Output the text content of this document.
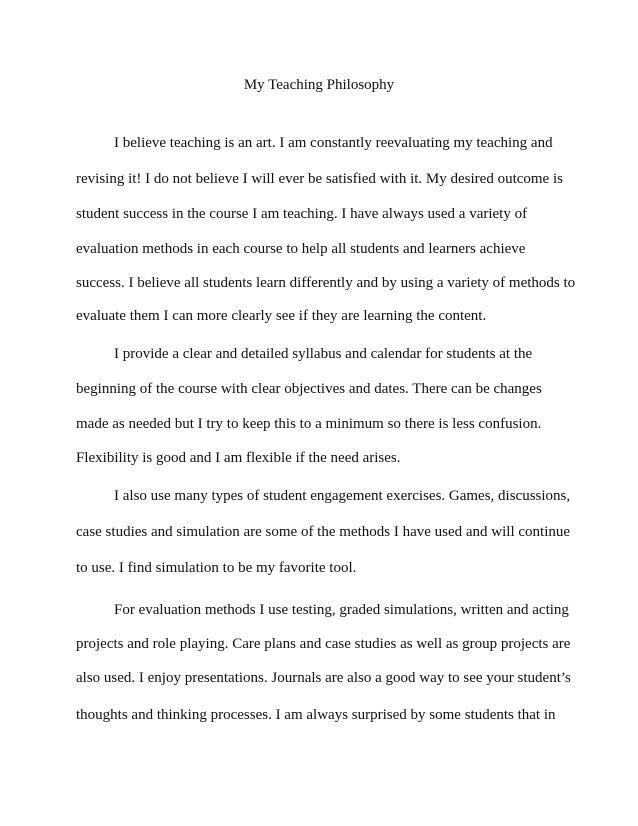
My Teaching Philosophy

I believe teaching is an art. I am constantly reevaluating my teaching and

revising it! I do not believe I will ever be satisfied with it. My desired outcome is

student success in the course I am teaching. I have always used a variety of

evaluation methods in each course to help all students and learners achieve

success. I believe all students learn differently and by using a variety of methods to

evaluate them I can more clearly see if they are learning the content.

I provide a clear and detailed syllabus and calendar for students at the

beginning of the course with clear objectives and dates. There can be changes

made as needed but I try to keep this to a minimum so there is less confusion.

Flexibility is good and I am flexible if the need arises.

I also use many types of student engagement exercises. Games, discussions,

case studies and simulation are some of the methods I have used and will continue

to use. I find simulation to be my favorite tool.

For evaluation methods I use testing, graded simulations, written and acting

projects and role playing. Care plans and case studies as well as group projects are

also used. I enjoy presentations. Journals are also a good way to see your student’s

thoughts and thinking processes. I am always surprised by some students that in
